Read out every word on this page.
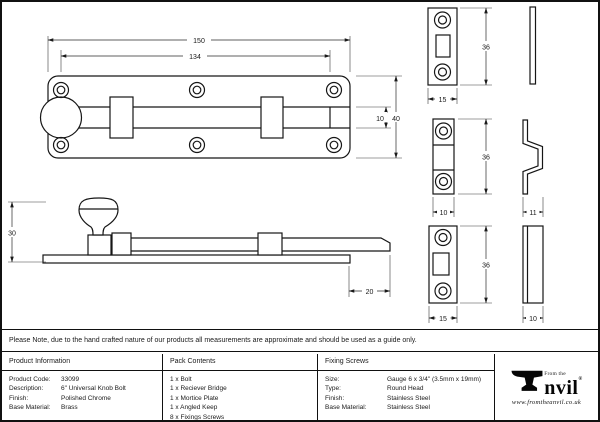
150
134
10 40
30
20
36
15
36
10	11
36
15	10
Please Note, due to the hand crafted nature of our products all measurements are approximate and should be used as a guide only.
Product Information
Product Code:	33099
Description:	6" Universal Knob Bolt
Finish:	Polished Chrome
Base Material:	Brass
Pack Contents
1 x Bolt
1 x Reciever Bridge
1 x Mortice Plate
1 x Angled Keep
8 x Fixings Screws
Fixing Screws
Size:	Gauge 6 x 3/4" (3.5mm x 19mm)
Type:	Round Head
Finish:	Stainless Steel
Base Material:	Stainless Steel
From the
nvil®
www.fromtheanvil.co.uk
